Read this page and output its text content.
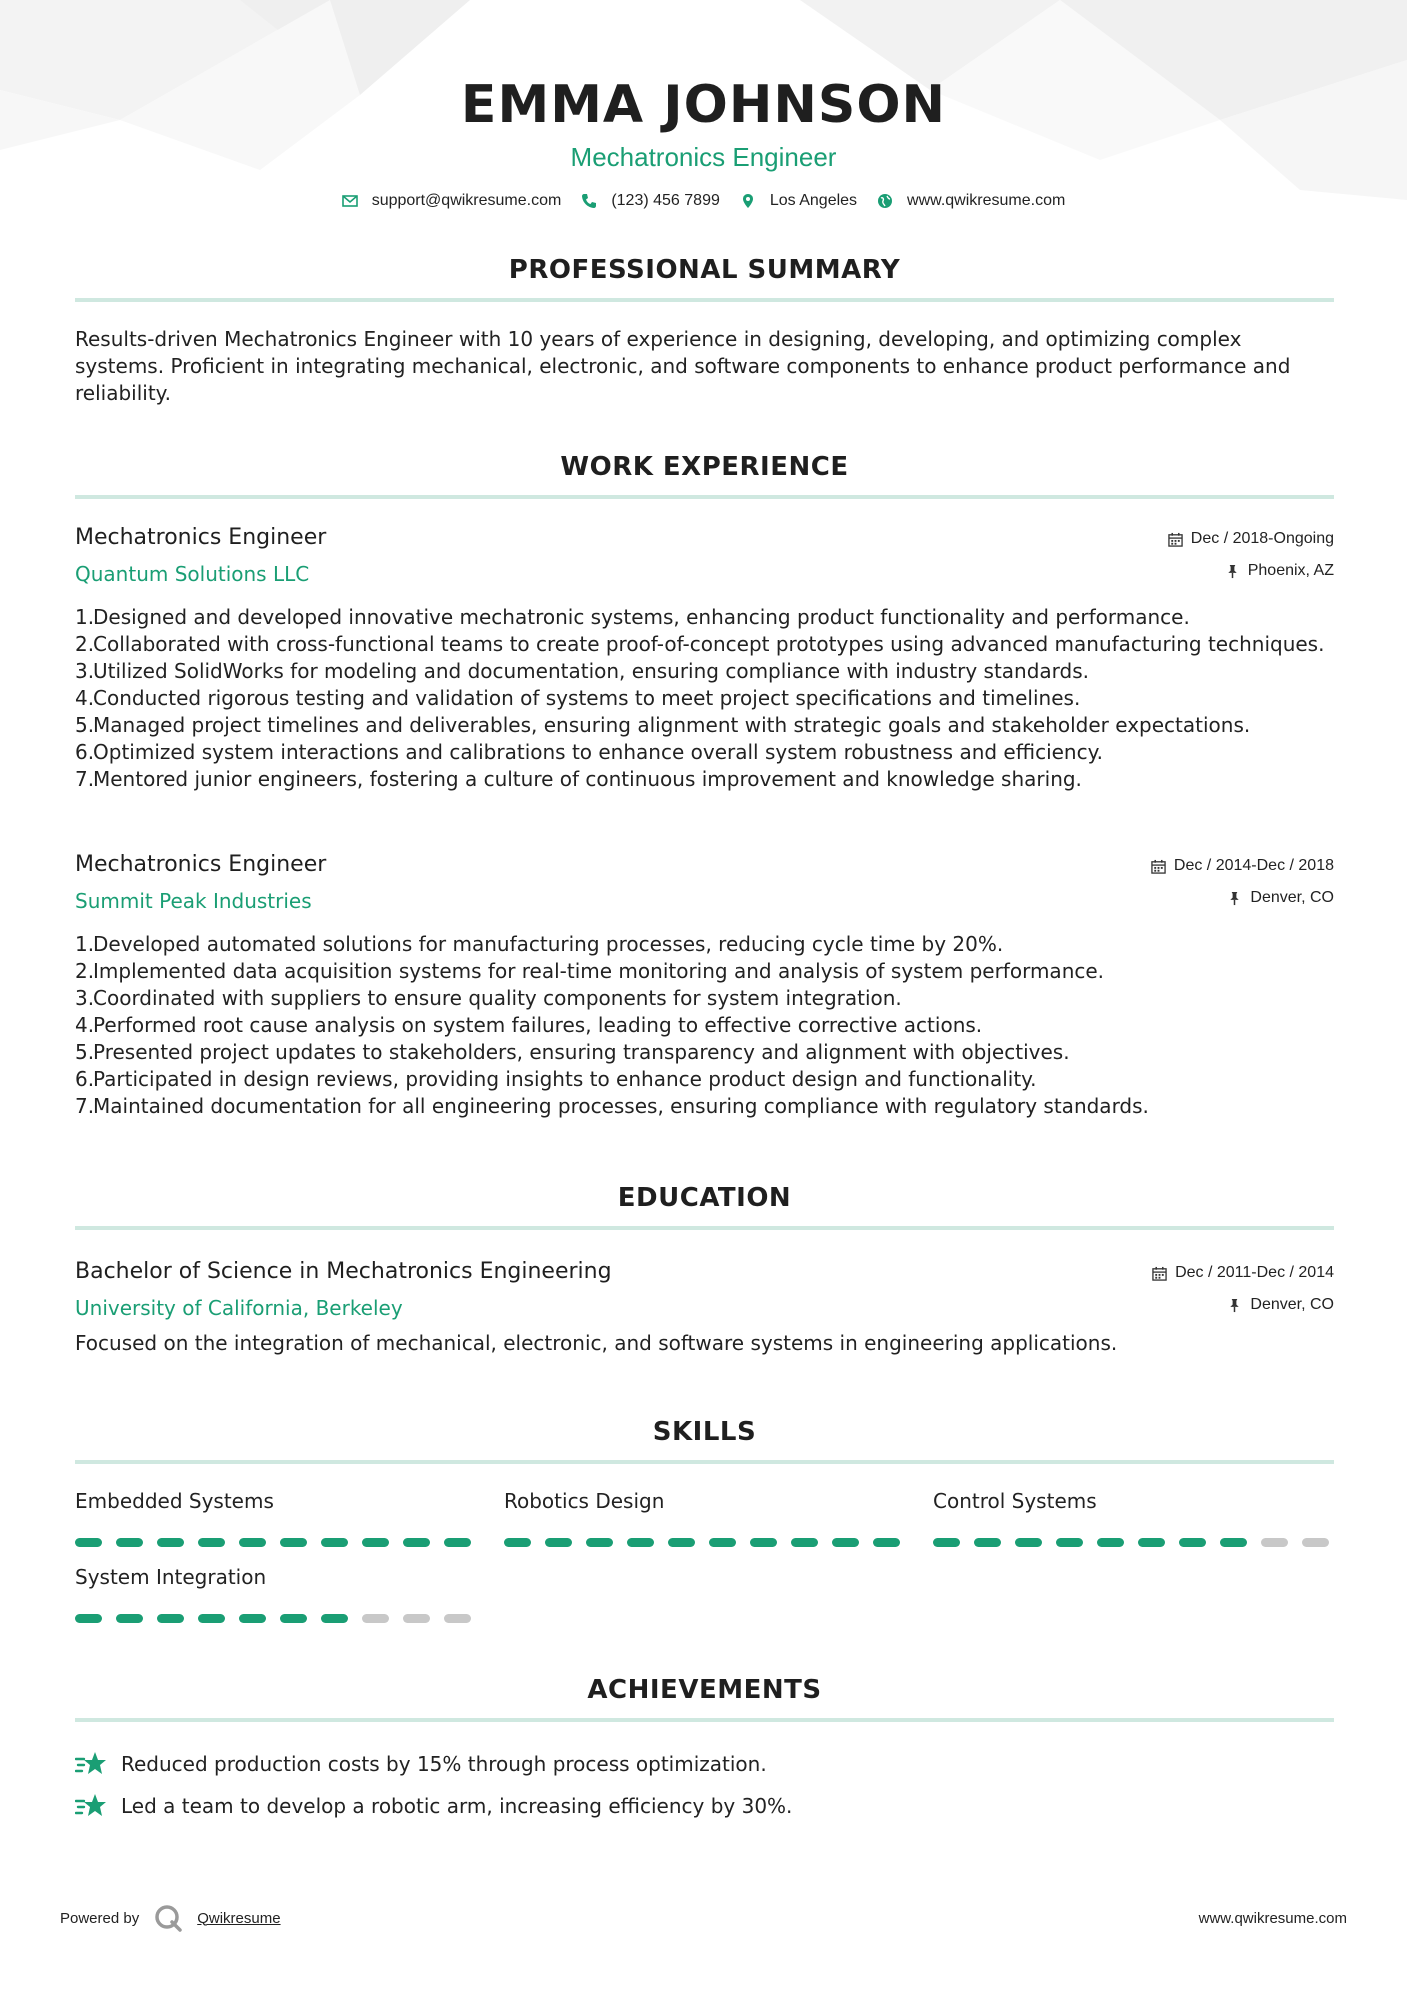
EMMA JOHNSON
Mechatronics Engineer
support@qwikresume.com	(123) 456 7899	Los Angeles	www.qwikresume.com
PROFESSIONAL SUMMARY
Results-driven Mechatronics Engineer with 10 years of experience in designing, developing, and optimizing complex systems. Proficient in integrating mechanical, electronic, and software components to enhance product performance and reliability.
WORK EXPERIENCE
Mechatronics Engineer
Quantum Solutions LLC
Dec / 2018-Ongoing
Phoenix, AZ
1.Designed and developed innovative mechatronic systems, enhancing product functionality and performance.
2.Collaborated with cross-functional teams to create proof-of-concept prototypes using advanced manufacturing techniques.
3.Utilized SolidWorks for modeling and documentation, ensuring compliance with industry standards.
4.Conducted rigorous testing and validation of systems to meet project specifications and timelines.
5.Managed project timelines and deliverables, ensuring alignment with strategic goals and stakeholder expectations.
6.Optimized system interactions and calibrations to enhance overall system robustness and efficiency.
7.Mentored junior engineers, fostering a culture of continuous improvement and knowledge sharing.
Mechatronics Engineer
Summit Peak Industries
Dec / 2014-Dec / 2018
Denver, CO
1.Developed automated solutions for manufacturing processes, reducing cycle time by 20%.
2.Implemented data acquisition systems for real-time monitoring and analysis of system performance.
3.Coordinated with suppliers to ensure quality components for system integration.
4.Performed root cause analysis on system failures, leading to effective corrective actions.
5.Presented project updates to stakeholders, ensuring transparency and alignment with objectives.
6.Participated in design reviews, providing insights to enhance product design and functionality.
7.Maintained documentation for all engineering processes, ensuring compliance with regulatory standards.
EDUCATION
Bachelor of Science in Mechatronics Engineering
University of California, Berkeley
Dec / 2011-Dec / 2014
Denver, CO
Focused on the integration of mechanical, electronic, and software systems in engineering applications.
SKILLS
Embedded Systems	Robotics Design	Control Systems
System Integration
ACHIEVEMENTS
Reduced production costs by 15% through process optimization.
Led a team to develop a robotic arm, increasing efficiency by 30%.
Powered by	Qwikresume	www.qwikresume.com
